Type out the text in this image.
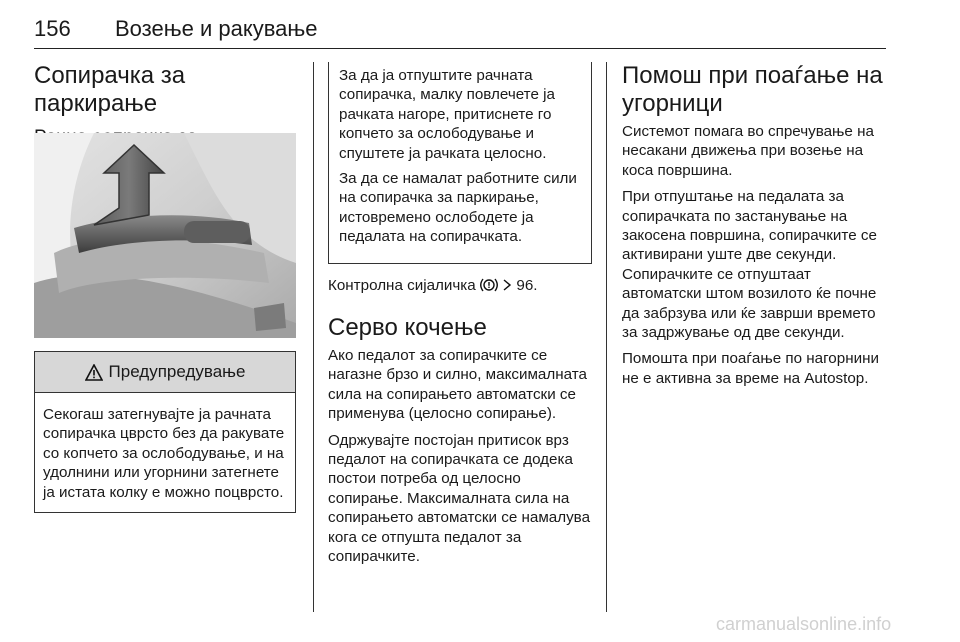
156 Возење и ракување
Сопирачка за паркирање
Предупредување

Секогаш затегнувајте ја рачната сопирачка цврсто без да ракувате со копчето за ослободување, и на удолнини или угорнини затегнете ја истата колку е можно поцврсто.

За да ја отпуштите рачната сопирачка, малку повлечете ја рачката нагоре, притиснете го копчето за ослободување и спуштете ја рачката целосно.

За да се намалат работните сили на сопирачка за паркирање, истовремено ослободете ја педалата на сопирачката.

Контролна сијаличка	96.

Серво кочење

Ако педалот за сопирачките се нагазне брзо и силно, максималната сила на сопирањето автоматски се применува (целосно сопирање).

Одржувајте постојан притисок врз педалот на сопирачката се додека постои потреба од целосно сопирање. Максималната сила на сопирањето автоматски се намалува кога се отпушта педалот за сопирачките.

Помош при поаѓање на угорници

Системот помага во спречување на несакани движења при возење на коса површина.

При отпуштање на педалата за сопирачката по застанување на закосена површина, сопирачките се активирани уште две секунди. Сопирачките се отпуштаат автоматски штом возилото ќе почне да забрзува или ќе заврши времето за задржување од две секунди.

Помошта при поаѓање по нагорнини не е активна за време на Autostop.

carmanualsonline.info
